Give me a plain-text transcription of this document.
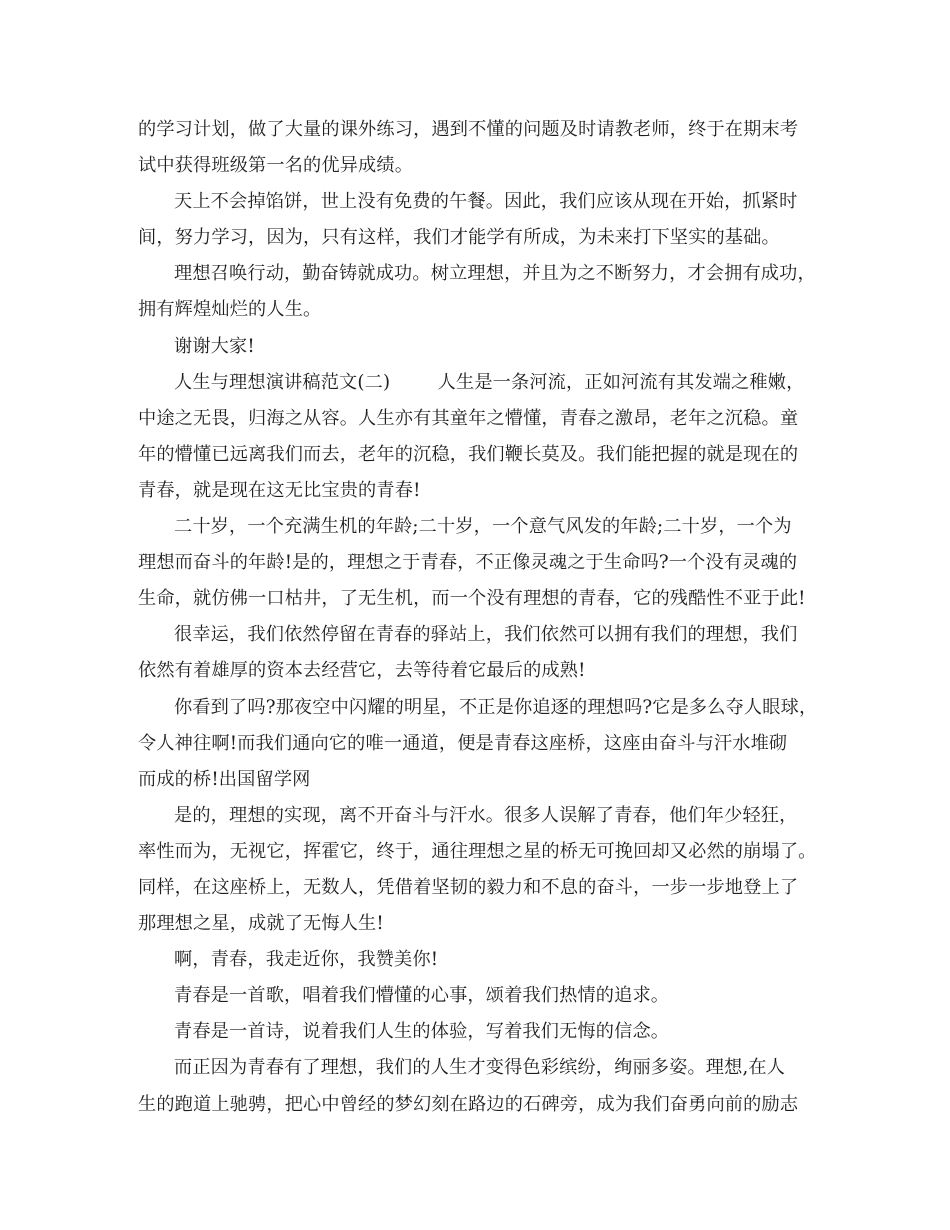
的学习计划，做了大量的课外练习，遇到不懂的问题及时请教老师，终于在期末考
试中获得班级第一名的优异成绩。
天上不会掉馅饼，世上没有免费的午餐。因此，我们应该从现在开始，抓紧时
间，努力学习，因为，只有这样，我们才能学有所成，为未来打下坚实的基础。
理想召唤行动，勤奋铸就成功。树立理想，并且为之不断努力，才会拥有成功，
拥有辉煌灿烂的人生。
谢谢大家!
人生与理想演讲稿范文(二)        人生是一条河流，正如河流有其发端之稚嫩，
中途之无畏，归海之从容。人生亦有其童年之懵懂，青春之激昂，老年之沉稳。童
年的懵懂已远离我们而去，老年的沉稳，我们鞭长莫及。我们能把握的就是现在的
青春，就是现在这无比宝贵的青春!
二十岁，一个充满生机的年龄;二十岁，一个意气风发的年龄;二十岁，一个为
理想而奋斗的年龄!是的，理想之于青春，不正像灵魂之于生命吗?一个没有灵魂的
生命，就仿佛一口枯井，了无生机，而一个没有理想的青春，它的残酷性不亚于此!
很幸运，我们依然停留在青春的驿站上，我们依然可以拥有我们的理想，我们
依然有着雄厚的资本去经营它，去等待着它最后的成熟!
你看到了吗?那夜空中闪耀的明星，不正是你追逐的理想吗?它是多么夺人眼球，
令人神往啊!而我们通向它的唯一通道，便是青春这座桥，这座由奋斗与汗水堆砌
而成的桥!出国留学网
是的，理想的实现，离不开奋斗与汗水。很多人误解了青春，他们年少轻狂，
率性而为，无视它，挥霍它，终于，通往理想之星的桥无可挽回却又必然的崩塌了。
同样，在这座桥上，无数人，凭借着坚韧的毅力和不息的奋斗，一步一步地登上了
那理想之星，成就了无悔人生!
啊，青春，我走近你，我赞美你!
青春是一首歌，唱着我们懵懂的心事，颂着我们热情的追求。
青春是一首诗，说着我们人生的体验，写着我们无悔的信念。
而正因为青春有了理想，我们的人生才变得色彩缤纷，绚丽多姿。理想,在人
生的跑道上驰骋，把心中曾经的梦幻刻在路边的石碑旁，成为我们奋勇向前的励志
